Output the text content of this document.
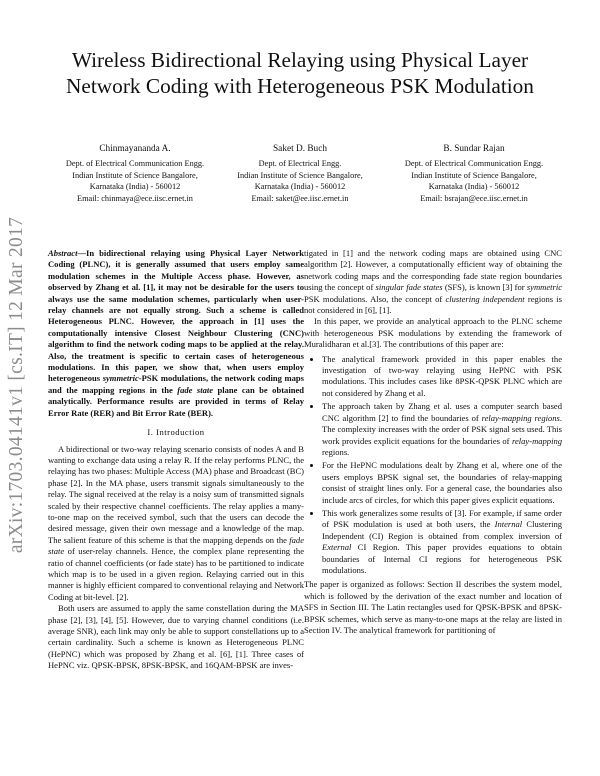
arXiv:1703.04141v1 [cs.IT] 12 Mar 2017
Wireless Bidirectional Relaying using Physical Layer Network Coding with Heterogeneous PSK Modulation
Chinmayananda A.
Dept. of Electrical Communication Engg.
Indian Institute of Science Bangalore,
Karnataka (India) - 560012
Email: chinmaya@ece.iisc.ernet.in
Saket D. Buch
Dept. of Electrical Engg.
Indian Institute of Science Bangalore,
Karnataka (India) - 560012
Email: saket@ee.iisc.ernet.in
B. Sundar Rajan
Dept. of Electrical Communication Engg.
Indian Institute of Science Bangalore,
Karnataka (India) - 560012
Email: bsrajan@ece.iisc.ernet.in

Abstract—In bidirectional relaying using Physical Layer Network Coding (PLNC), it is generally assumed that users employ same modulation schemes in the Multiple Access phase. However, as observed by Zhang et al. [1], it may not be desirable for the users to always use the same modulation schemes, particularly when user-relay channels are not equally strong. Such a scheme is called Heterogeneous PLNC. However, the approach in [1] uses the computationally intensive Closest Neighbour Clustering (CNC) algorithm to find the network coding maps to be applied at the relay. Also, the treatment is specific to certain cases of heterogeneous modulations. In this paper, we show that, when users employ heterogeneous symmetric-PSK modulations, the network coding maps and the mapping regions in the fade state plane can be obtained analytically. Performance results are provided in terms of Relay Error Rate (RER) and Bit Error Rate (BER).

I. Introduction

A bidirectional or two-way relaying scenario consists of nodes A and B wanting to exchange data using a relay R. If the relay performs PLNC, the relaying has two phases: Multiple Access (MA) phase and Broadcast (BC) phase [2]. In the MA phase, users transmit signals simultaneously to the relay. The signal received at the relay is a noisy sum of transmitted signals scaled by their respective channel coefficients. The relay applies a many-to-one map on the received symbol, such that the users can decode the desired message, given their own message and a knowledge of the map. The salient feature of this scheme is that the mapping depends on the fade state of user-relay channels. Hence, the complex plane representing the ratio of channel coefficients (or fade state) has to be partitioned to indicate which map is to be used in a given region. Relaying carried out in this manner is highly efficient compared to conventional relaying and Network Coding at bit-level. [2].

Both users are assumed to apply the same constellation during the MA phase [2], [3], [4], [5]. However, due to varying channel conditions (i.e. average SNR), each link may only be able to support constellations up to a certain cardinality. Such a scheme is known as Heterogeneous PLNC (HePNC) which was proposed by Zhang et al. [6], [1]. Three cases of HePNC viz. QPSK-BPSK, 8PSK-BPSK, and 16QAM-BPSK are inves-

tigated in [1] and the network coding maps are obtained using CNC algorithm [2]. However, a computationally efficient way of obtaining the network coding maps and the corresponding fade state region boundaries using the concept of singular fade states (SFS), is known [3] for symmetric PSK modulations. Also, the concept of clustering independent regions is not considered in [6], [1].

In this paper, we provide an analytical approach to the PLNC scheme with heterogeneous PSK modulations by extending the framework of Muralidharan et al.[3]. The contributions of this paper are:

• The analytical framework provided in this paper enables the investigation of two-way relaying using HePNC with PSK modulations. This includes cases like 8PSK-QPSK PLNC which are not considered by Zhang et al.
• The approach taken by Zhang et al. uses a computer search based CNC algorithm [2] to find the boundaries of relay-mapping regions. The complexity increases with the order of PSK signal sets used. This work provides explicit equations for the boundaries of relay-mapping regions.
• For the HePNC modulations dealt by Zhang et al, where one of the users employs BPSK signal set, the boundaries of relay-mapping consist of straight lines only. For a general case, the boundaries also include arcs of circles, for which this paper gives explicit equations.
• This work generalizes some results of [3]. For example, if same order of PSK modulation is used at both users, the Internal Clustering Independent (CI) Region is obtained from complex inversion of External CI Region. This paper provides equations to obtain boundaries of Internal CI regions for heterogeneous PSK modulations.

The paper is organized as follows: Section II describes the system model, which is followed by the derivation of the exact number and location of SFS in Section III. The Latin rectangles used for QPSK-BPSK and 8PSK-BPSK schemes, which serve as many-to-one maps at the relay are listed in Section IV. The analytical framework for partitioning of
